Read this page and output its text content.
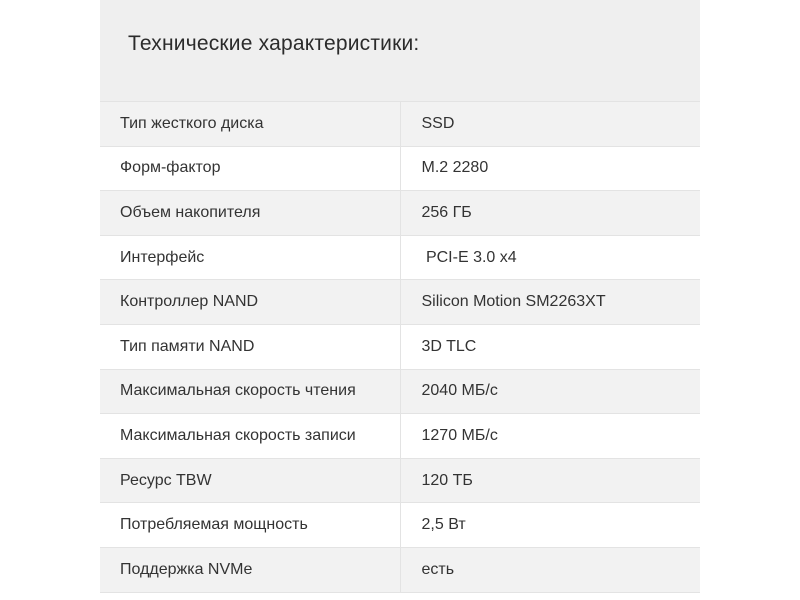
Технические характеристики:
Тип жесткого диска	SSD
Форм-фактор	M.2 2280
Объем накопителя	256 ГБ
Интерфейс	PCI-E 3.0 x4
Контроллер NAND	Silicon Motion SM2263XT
Тип памяти NAND	3D TLC
Максимальная скорость чтения	2040 МБ/с
Максимальная скорость записи	1270 МБ/с
Ресурс TBW	120 ТБ
Потребляемая мощность	2,5 Вт
Поддержка NVMe	есть
